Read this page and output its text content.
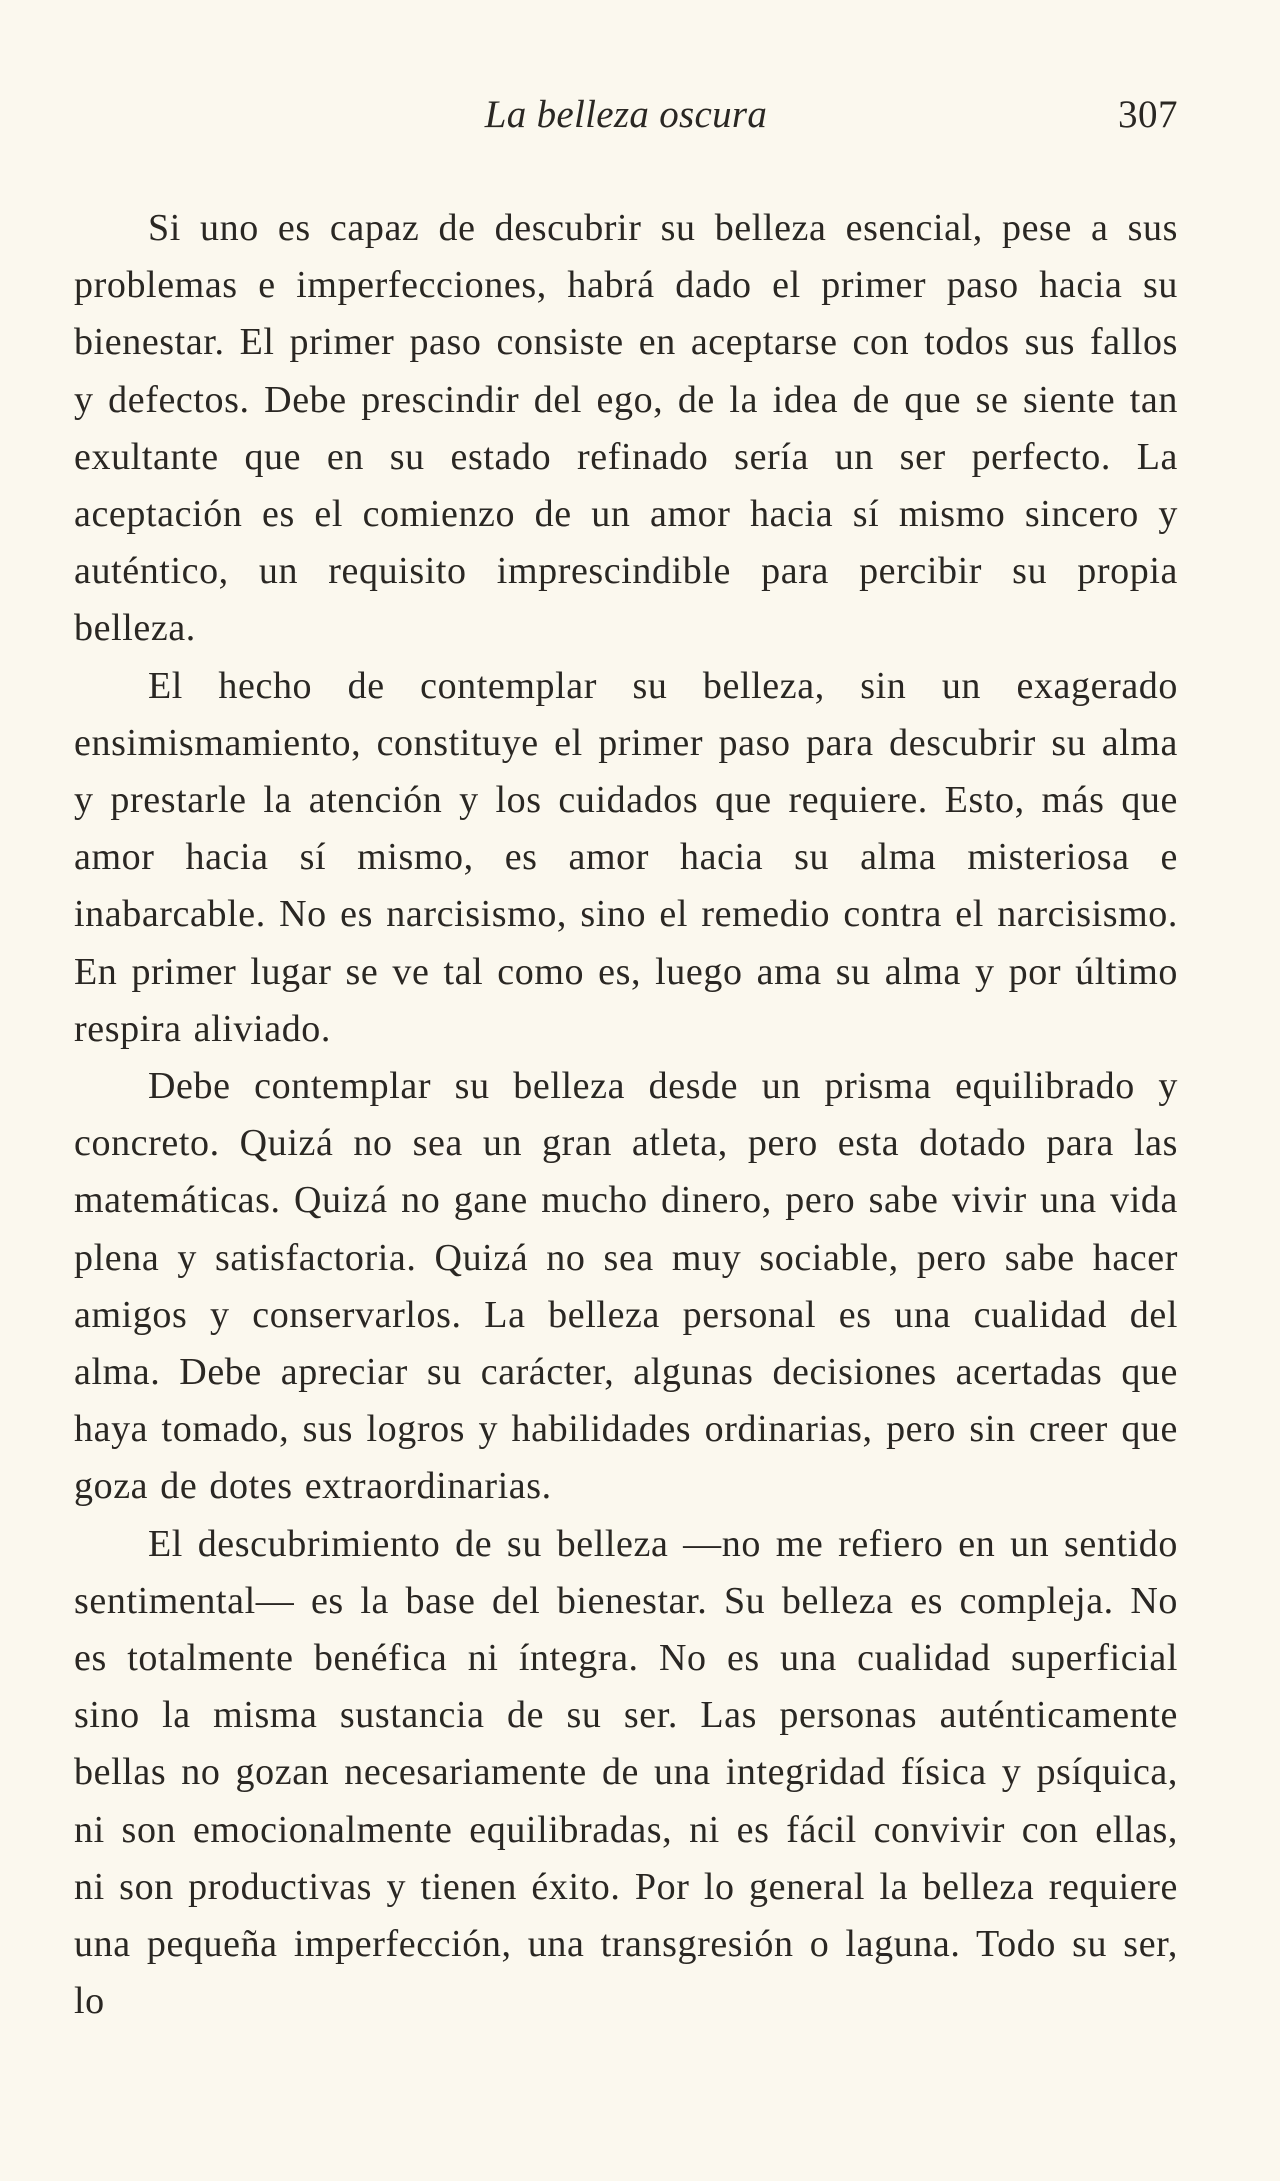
La belleza oscura	307

Si uno es capaz de descubrir su belleza esencial, pese a sus problemas e imperfecciones, habrá dado el primer paso hacia su bienestar. El primer paso consiste en aceptarse con todos sus fallos y defectos. Debe prescindir del ego, de la idea de que se siente tan exultante que en su estado refinado sería un ser perfecto. La aceptación es el comienzo de un amor hacia sí mismo sincero y auténtico, un requisito imprescindible para percibir su propia belleza.

El hecho de contemplar su belleza, sin un exagerado ensimismamiento, constituye el primer paso para descubrir su alma y prestarle la atención y los cuidados que requiere. Esto, más que amor hacia sí mismo, es amor hacia su alma misteriosa e inabarcable. No es narcisismo, sino el remedio contra el narcisismo. En primer lugar se ve tal como es, luego ama su alma y por último respira aliviado.

Debe contemplar su belleza desde un prisma equilibrado y concreto. Quizá no sea un gran atleta, pero esta dotado para las matemáticas. Quizá no gane mucho dinero, pero sabe vivir una vida plena y satisfactoria. Quizá no sea muy sociable, pero sabe hacer amigos y conservarlos. La belleza personal es una cualidad del alma. Debe apreciar su carácter, algunas decisiones acertadas que haya tomado, sus logros y habilidades ordinarias, pero sin creer que goza de dotes extraordinarias.

El descubrimiento de su belleza —no me refiero en un sentido sentimental— es la base del bienestar. Su belleza es compleja. No es totalmente benéfica ni íntegra. No es una cualidad superficial sino la misma sustancia de su ser. Las personas auténticamente bellas no gozan necesariamente de una integridad física y psíquica, ni son emocionalmente equilibradas, ni es fácil convivir con ellas, ni son productivas y tienen éxito. Por lo general la belleza requiere una pequeña imperfección, una transgresión o laguna. Todo su ser, lo
